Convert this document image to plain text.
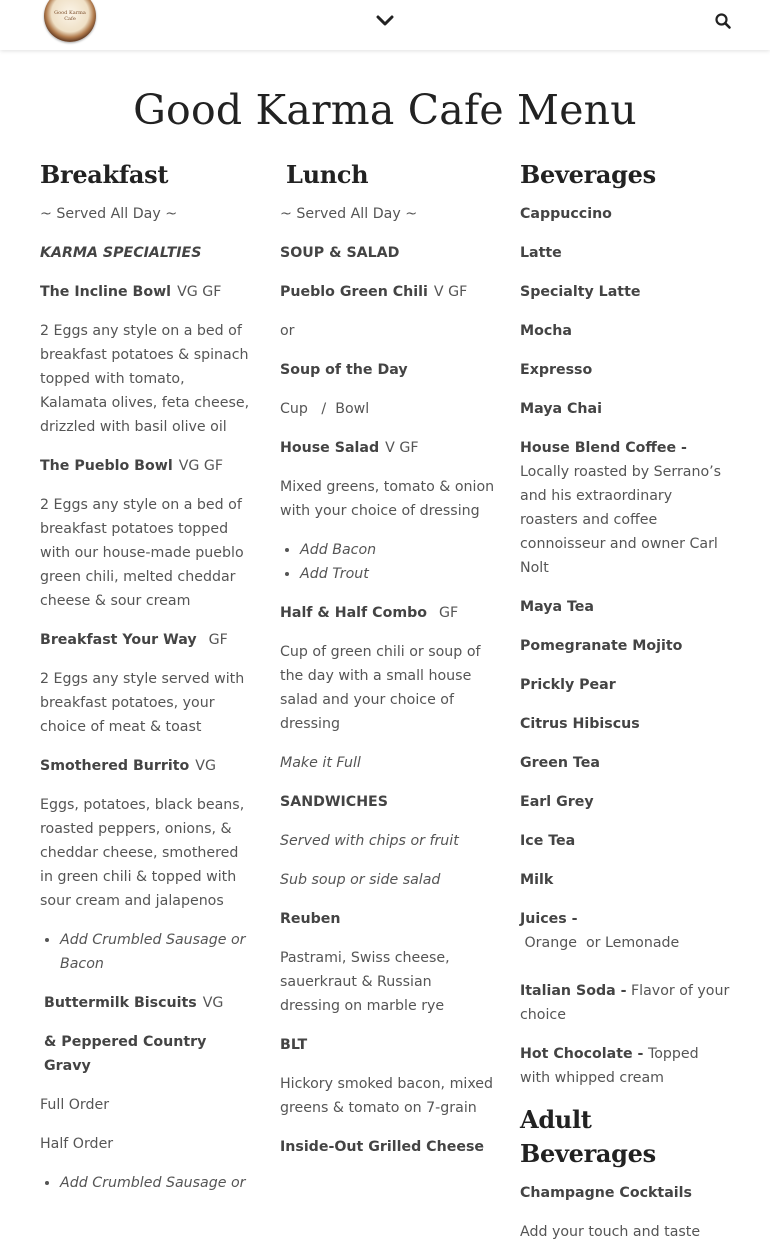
Good Karma Cafe
Good Karma Cafe Menu
Breakfast

~ Served All Day ~

KARMA SPECIALTIES

The Incline Bowl VG GF

2 Eggs any style on a bed of breakfast potatoes & spinach topped with tomato, Kalamata olives, feta cheese, drizzled with basil olive oil

The Pueblo Bowl VG GF

2 Eggs any style on a bed of breakfast potatoes topped with our house-made pueblo green chili, melted cheddar cheese & sour cream

Breakfast Your Way GF

2 Eggs any style served with breakfast potatoes, your choice of meat & toast

Smothered Burrito VG

Eggs, potatoes, black beans, roasted peppers, onions, & cheddar cheese, smothered in green chili & topped with sour cream and jalapenos

• Add Crumbled Sausage or Bacon

Buttermilk Biscuits VG

& Peppered Country Gravy

Full Order

Half Order

• Add Crumbled Sausage or
Lunch

~ Served All Day ~

SOUP & SALAD

Pueblo Green Chili V GF

or

Soup of the Day

Cup   /  Bowl

House Salad V GF

Mixed greens, tomato & onion with your choice of dressing

• Add Bacon
• Add Trout

Half & Half Combo GF

Cup of green chili or soup of the day with a small house salad and your choice of dressing

Make it Full

SANDWICHES

Served with chips or fruit

Sub soup or side salad

Reuben

Pastrami, Swiss cheese, sauerkraut & Russian dressing on marble rye

BLT

Hickory smoked bacon, mixed greens & tomato on 7-grain

Inside-Out Grilled Cheese

Beverages

Cappuccino

Latte

Specialty Latte

Mocha

Expresso

Maya Chai

House Blend Coffee - Locally roasted by Serrano’s and his extraordinary roasters and coffee connoisseur and owner Carl Nolt

Maya Tea

Pomegranate Mojito

Prickly Pear

Citrus Hibiscus

Green Tea

Earl Grey

Ice Tea

Milk

Juices - Orange  or Lemonade

Italian Soda - Flavor of your choice

Hot Chocolate - Topped with whipped cream

Adult Beverages

Champagne Cocktails

Add your touch and taste
